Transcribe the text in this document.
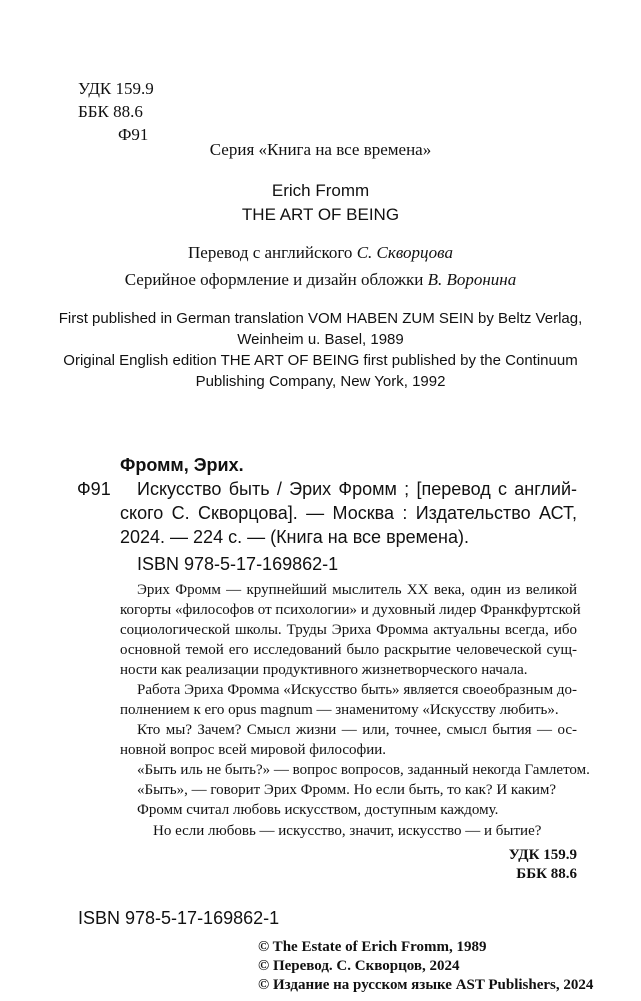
УДК 159.9
ББК 88.6
Ф91
Серия «Книга на все времена»
Erich Fromm
THE ART OF BEING
Перевод с английского С. Скворцова
Серийное оформление и дизайн обложки В. Воронина
First published in German translation VOM HABEN ZUM SEIN by Beltz Verlag,
Weinheim u. Basel, 1989
Original English edition THE ART OF BEING first published by the Continuum
Publishing Company, New York, 1992
Фромм, Эрих.
Ф91 Искусство быть / Эрих Фромм ; [перевод с англий-
ского С. Скворцова]. — Москва : Издательство АСТ,
2024. — 224 с. — (Книга на все времена).
ISBN 978-5-17-169862-1
Эрих Фромм — крупнейший мыслитель XX века, один из великой
когорты «философов от психологии» и духовный лидер Франкфуртской
социологической школы. Труды Эриха Фромма актуальны всегда, ибо
основной темой его исследований было раскрытие человеческой сущ-
ности как реализации продуктивного жизнетворческого начала.
Работа Эриха Фромма «Искусство быть» является своеобразным до-
полнением к его opus magnum — знаменитому «Искусству любить».
Кто мы? Зачем? Смысл жизни — или, точнее, смысл бытия — ос-
новной вопрос всей мировой философии.
«Быть иль не быть?» — вопрос вопросов, заданный некогда Гамлетом.
«Быть», — говорит Эрих Фромм. Но если быть, то как? И каким?
Фромм считал любовь искусством, доступным каждому.
Но если любовь — искусство, значит, искусство — и бытие?
УДК 159.9
ББК 88.6
ISBN 978-5-17-169862-1
© The Estate of Erich Fromm, 1989
© Перевод. С. Скворцов, 2024
© Издание на русском языке AST Publishers, 2024
